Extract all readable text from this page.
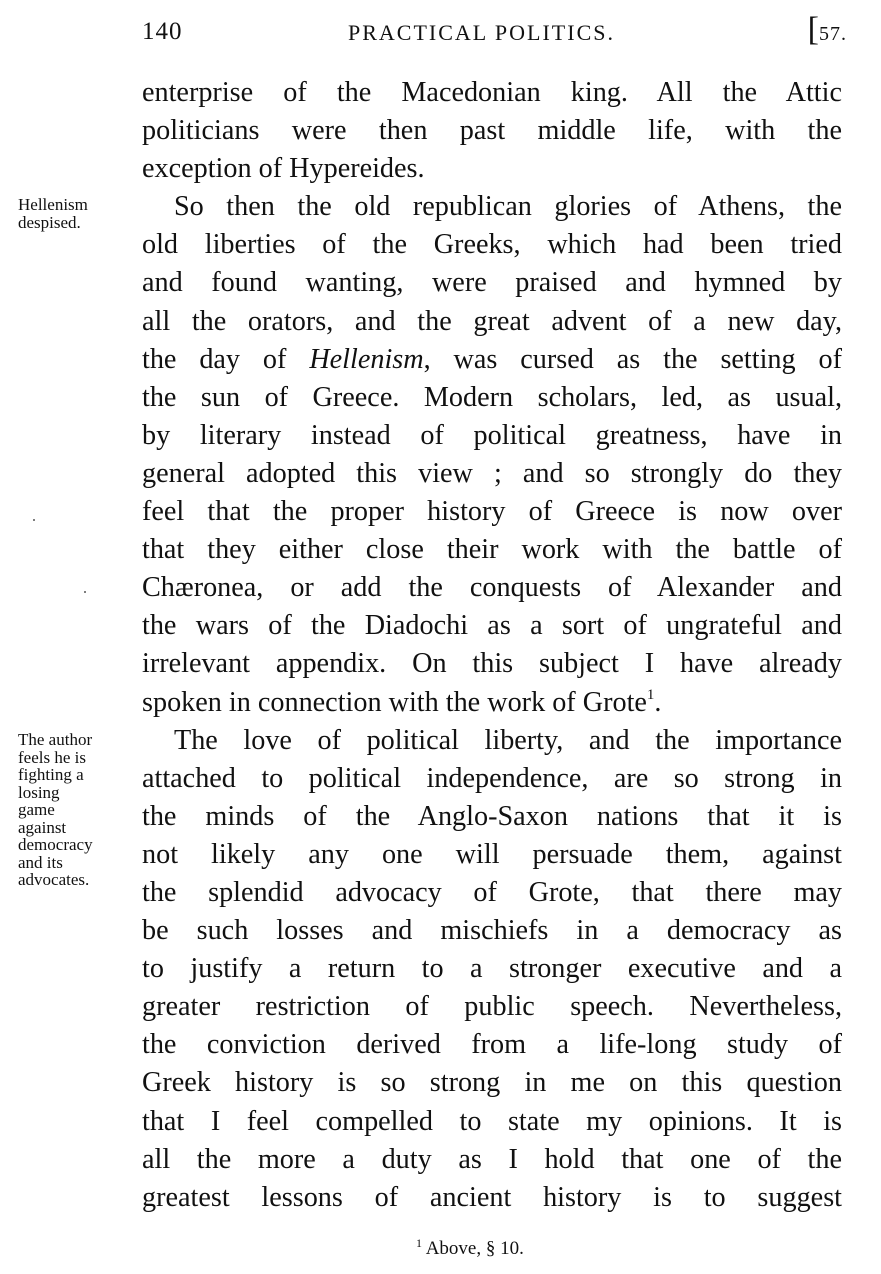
140	PRACTICAL POLITICS.	[57.
Hellenism
despised.
The author
feels he is
fighting a
losing
game
against
democracy
and its
advocates.
enterprise of the Macedonian king. All the Attic
politicians were then past middle life, with the
exception of Hypereides.
So then the old republican glories of Athens, the
old liberties of the Greeks, which had been tried
and found wanting, were praised and hymned by
all the orators, and the great advent of a new day,
the day of Hellenism, was cursed as the setting of
the sun of Greece. Modern scholars, led, as usual,
by literary instead of political greatness, have in
general adopted this view ; and so strongly do they
feel that the proper history of Greece is now over
that they either close their work with the battle of
Chæronea, or add the conquests of Alexander and
the wars of the Diadochi as a sort of ungrateful and
irrelevant appendix. On this subject I have already
spoken in connection with the work of Grote$^1$.
The love of political liberty, and the importance
attached to political independence, are so strong in
the minds of the Anglo-Saxon nations that it is
not likely any one will persuade them, against
the splendid advocacy of Grote, that there may
be such losses and mischiefs in a democracy as
to justify a return to a stronger executive and a
greater restriction of public speech. Nevertheless,
the conviction derived from a life-long study of
Greek history is so strong in me on this question
that I feel compelled to state my opinions. It is
all the more a duty as I hold that one of the
greatest lessons of ancient history is to suggest
$^1$ Above, § 10.
